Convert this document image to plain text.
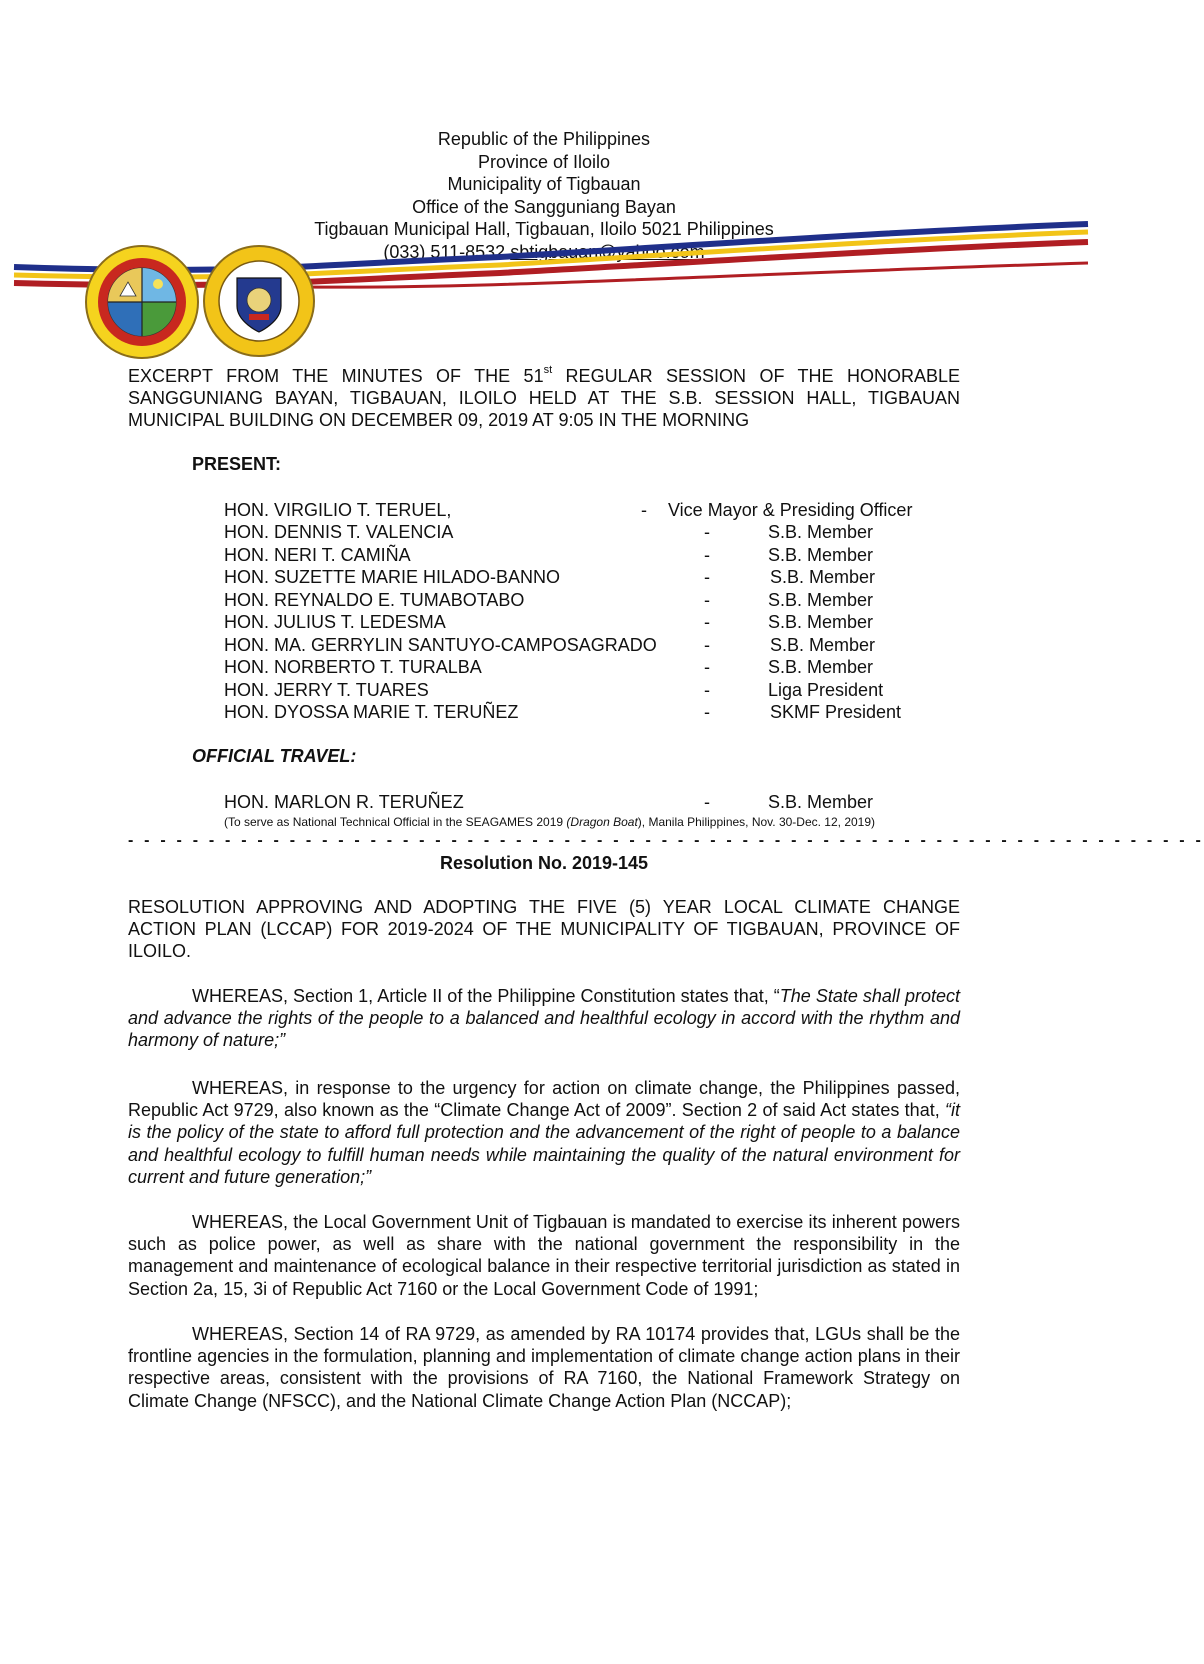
Republic of the Philippines
Province of Iloilo
Municipality of Tigbauan
Office of the Sangguniang Bayan
Tigbauan Municipal Hall, Tigbauan, Iloilo 5021 Philippines
(033) 511-8532 sbtigbauan@yahoo.com
EXCERPT FROM THE MINUTES OF THE 51st REGULAR SESSION OF THE HONORABLE SANGGUNIANG BAYAN, TIGBAUAN, ILOILO HELD AT THE S.B. SESSION HALL, TIGBAUAN MUNICIPAL BUILDING ON DECEMBER 09, 2019 AT 9:05 IN THE MORNING
PRESENT:
HON. VIRGILIO T. TERUEL,	- Vice Mayor & Presiding Officer
HON. DENNIS T. VALENCIA	-	S.B. Member
HON. NERI T. CAMIÑA	-	S.B. Member
HON. SUZETTE MARIE HILADO-BANNO	-	S.B. Member
HON. REYNALDO E. TUMABOTABO	-	S.B. Member
HON. JULIUS T. LEDESMA	-	S.B. Member
HON. MA. GERRYLIN SANTUYO-CAMPOSAGRADO	-	S.B. Member
HON. NORBERTO T. TURALBA	-	S.B. Member
HON. JERRY T. TUARES	-	Liga President
HON. DYOSSA MARIE T. TERUÑEZ	-	SKMF President
OFFICIAL TRAVEL:
HON. MARLON R. TERUÑEZ	-	S.B. Member
(To serve as National Technical Official in the SEAGAMES 2019 (Dragon Boat), Manila Philippines, Nov. 30-Dec. 12, 2019)
- - - - - - - - - - - - - - - - - - - - - - - - - - - - - - - - - - - - - - - - - - - - - - - - - - - - - - - - - - - - - - - - - - -
Resolution No. 2019-145
RESOLUTION APPROVING AND ADOPTING THE FIVE (5) YEAR LOCAL CLIMATE CHANGE ACTION PLAN (LCCAP) FOR 2019-2024 OF THE MUNICIPALITY OF TIGBAUAN, PROVINCE OF ILOILO.
WHEREAS, Section 1, Article II of the Philippine Constitution states that, “The State shall protect and advance the rights of the people to a balanced and healthful ecology in accord with the rhythm and harmony of nature;”
WHEREAS, in response to the urgency for action on climate change, the Philippines passed, Republic Act 9729, also known as the “Climate Change Act of 2009”. Section 2 of said Act states that, “it is the policy of the state to afford full protection and the advancement of the right of people to a balance and healthful ecology to fulfill human needs while maintaining the quality of the natural environment for current and future generation;”
WHEREAS, the Local Government Unit of Tigbauan is mandated to exercise its inherent powers such as police power, as well as share with the national government the responsibility in the management and maintenance of ecological balance in their respective territorial jurisdiction as stated in Section 2a, 15, 3i of Republic Act 7160 or the Local Government Code of 1991;
WHEREAS, Section 14 of RA 9729, as amended by RA 10174 provides that, LGUs shall be the frontline agencies in the formulation, planning and implementation of climate change action plans in their respective areas, consistent with the provisions of RA 7160, the National Framework Strategy on Climate Change (NFSCC), and the National Climate Change Action Plan (NCCAP);
